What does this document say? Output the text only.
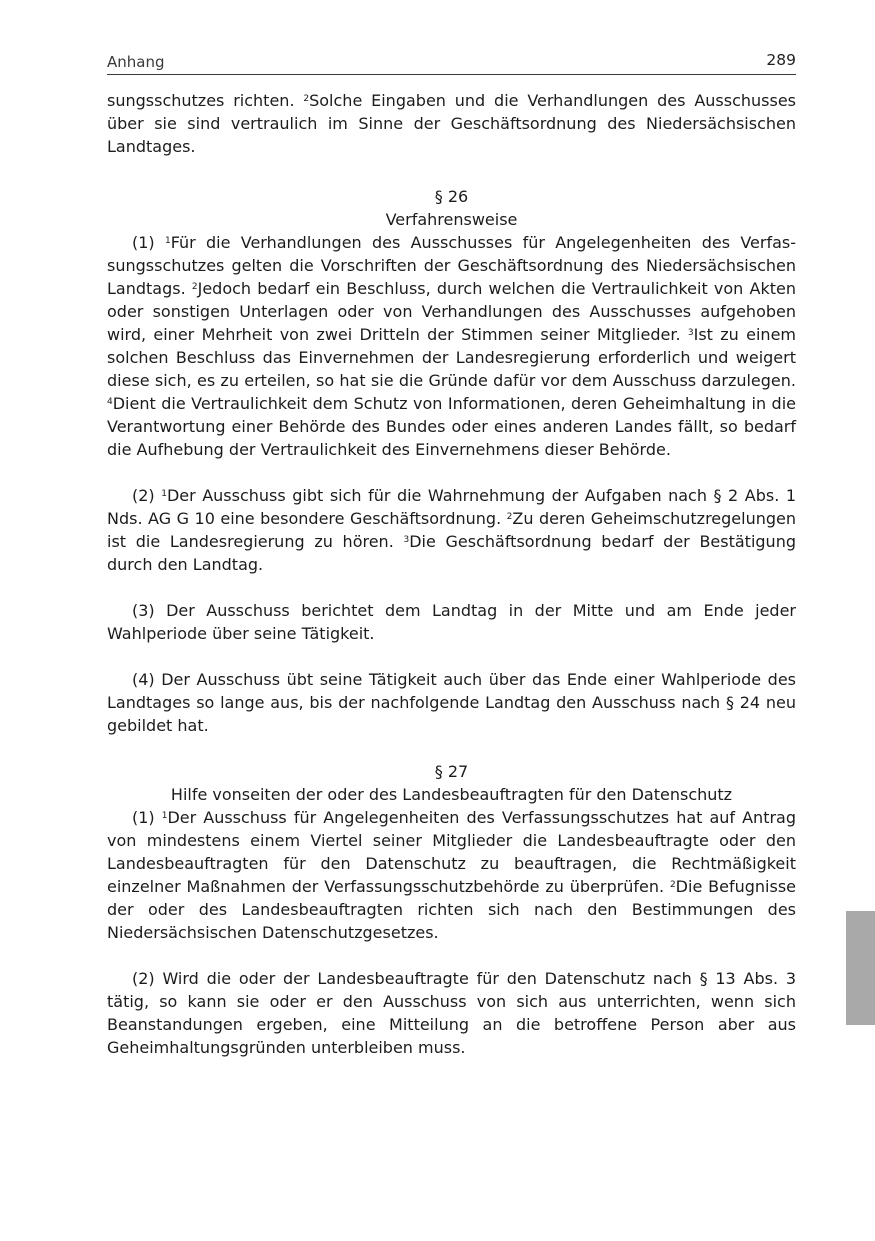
Anhang	289

sungsschutzes richten. $^2$Solche Eingaben und die Verhandlungen des Ausschusses über sie sind vertraulich im Sinne der Geschäftsordnung des Niedersächsischen Landtages.

§ 26

Verfahrensweise

(1) $^1$Für die Verhandlungen des Ausschusses für Angelegenheiten des Verfassungsschutzes gelten die Vorschriften der Geschäftsordnung des Niedersächsischen Landtags. $^2$Jedoch bedarf ein Beschluss, durch welchen die Vertraulichkeit von Akten oder sonstigen Unterlagen oder von Verhandlungen des Ausschusses aufgehoben wird, einer Mehrheit von zwei Dritteln der Stimmen seiner Mitglieder. $^3$Ist zu einem solchen Beschluss das Einvernehmen der Landesregierung erforderlich und weigert diese sich, es zu erteilen, so hat sie die Gründe dafür vor dem Ausschuss darzulegen. $^4$Dient die Vertraulichkeit dem Schutz von Informationen, deren Geheimhaltung in die Verantwortung einer Behörde des Bundes oder eines anderen Landes fällt, so bedarf die Aufhebung der Vertraulichkeit des Einvernehmens dieser Behörde.

(2) $^1$Der Ausschuss gibt sich für die Wahrnehmung der Aufgaben nach § 2 Abs. 1 Nds. AG G 10 eine besondere Geschäftsordnung. $^2$Zu deren Geheimschutzregelungen ist die Landesregierung zu hören. $^3$Die Geschäftsordnung bedarf der Bestätigung durch den Landtag.

(3) Der Ausschuss berichtet dem Landtag in der Mitte und am Ende jeder Wahlperiode über seine Tätigkeit.

(4) Der Ausschuss übt seine Tätigkeit auch über das Ende einer Wahlperiode des Landtages so lange aus, bis der nachfolgende Landtag den Ausschuss nach § 24 neu gebildet hat.

§ 27

Hilfe vonseiten der oder des Landesbeauftragten für den Datenschutz

(1) $^1$Der Ausschuss für Angelegenheiten des Verfassungsschutzes hat auf Antrag von mindestens einem Viertel seiner Mitglieder die Landesbeauftragte oder den Landesbeauftragten für den Datenschutz zu beauftragen, die Rechtmäßigkeit einzelner Maßnahmen der Verfassungsschutzbehörde zu überprüfen. $^2$Die Befugnisse der oder des Landesbeauftragten richten sich nach den Bestimmungen des Niedersächsischen Datenschutzgesetzes.

(2) Wird die oder der Landesbeauftragte für den Datenschutz nach § 13 Abs. 3 tätig, so kann sie oder er den Ausschuss von sich aus unterrichten, wenn sich Beanstandungen ergeben, eine Mitteilung an die betroffene Person aber aus Geheimhaltungsgründen unterbleiben muss.
